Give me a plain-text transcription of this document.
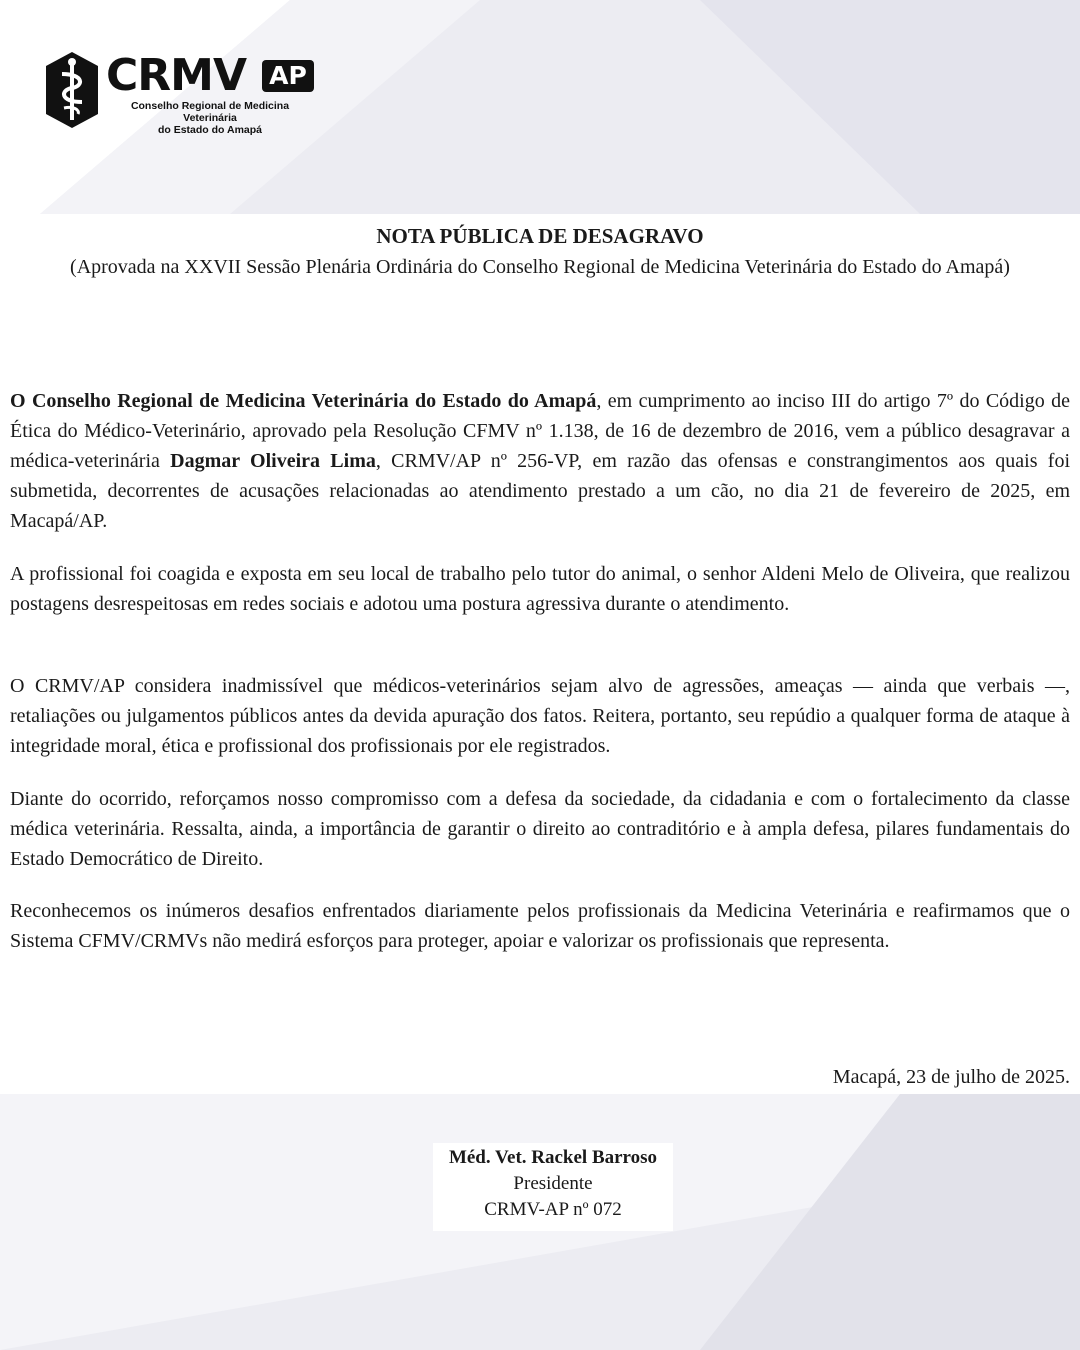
CRMV AP
Conselho Regional de Medicina Veterinária
do Estado do Amapá
NOTA PÚBLICA DE DESAGRAVO
(Aprovada na XXVII Sessão Plenária Ordinária do Conselho Regional de Medicina Veterinária do Estado do Amapá)

O Conselho Regional de Medicina Veterinária do Estado do Amapá, em cumprimento ao inciso III do artigo 7º do Código de Ética do Médico-Veterinário, aprovado pela Resolução CFMV nº 1.138, de 16 de dezembro de 2016, vem a público desagravar a médica-veterinária Dagmar Oliveira Lima, CRMV/AP nº 256-VP, em razão das ofensas e constrangimentos aos quais foi submetida, decorrentes de acusações relacionadas ao atendimento prestado a um cão, no dia 21 de fevereiro de 2025, em Macapá/AP.

A profissional foi coagida e exposta em seu local de trabalho pelo tutor do animal, o senhor Aldeni Melo de Oliveira, que realizou postagens desrespeitosas em redes sociais e adotou uma postura agressiva durante o atendimento.

O CRMV/AP considera inadmissível que médicos-veterinários sejam alvo de agressões, ameaças — ainda que verbais —, retaliações ou julgamentos públicos antes da devida apuração dos fatos. Reitera, portanto, seu repúdio a qualquer forma de ataque à integridade moral, ética e profissional dos profissionais por ele registrados.

Diante do ocorrido, reforçamos nosso compromisso com a defesa da sociedade, da cidadania e com o fortalecimento da classe médica veterinária. Ressalta, ainda, a importância de garantir o direito ao contraditório e à ampla defesa, pilares fundamentais do Estado Democrático de Direito.

Reconhecemos os inúmeros desafios enfrentados diariamente pelos profissionais da Medicina Veterinária e reafirmamos que o Sistema CFMV/CRMVs não medirá esforços para proteger, apoiar e valorizar os profissionais que representa.

Macapá, 23 de julho de 2025.
Méd. Vet. Rackel Barroso
Presidente
CRMV-AP nº 072
